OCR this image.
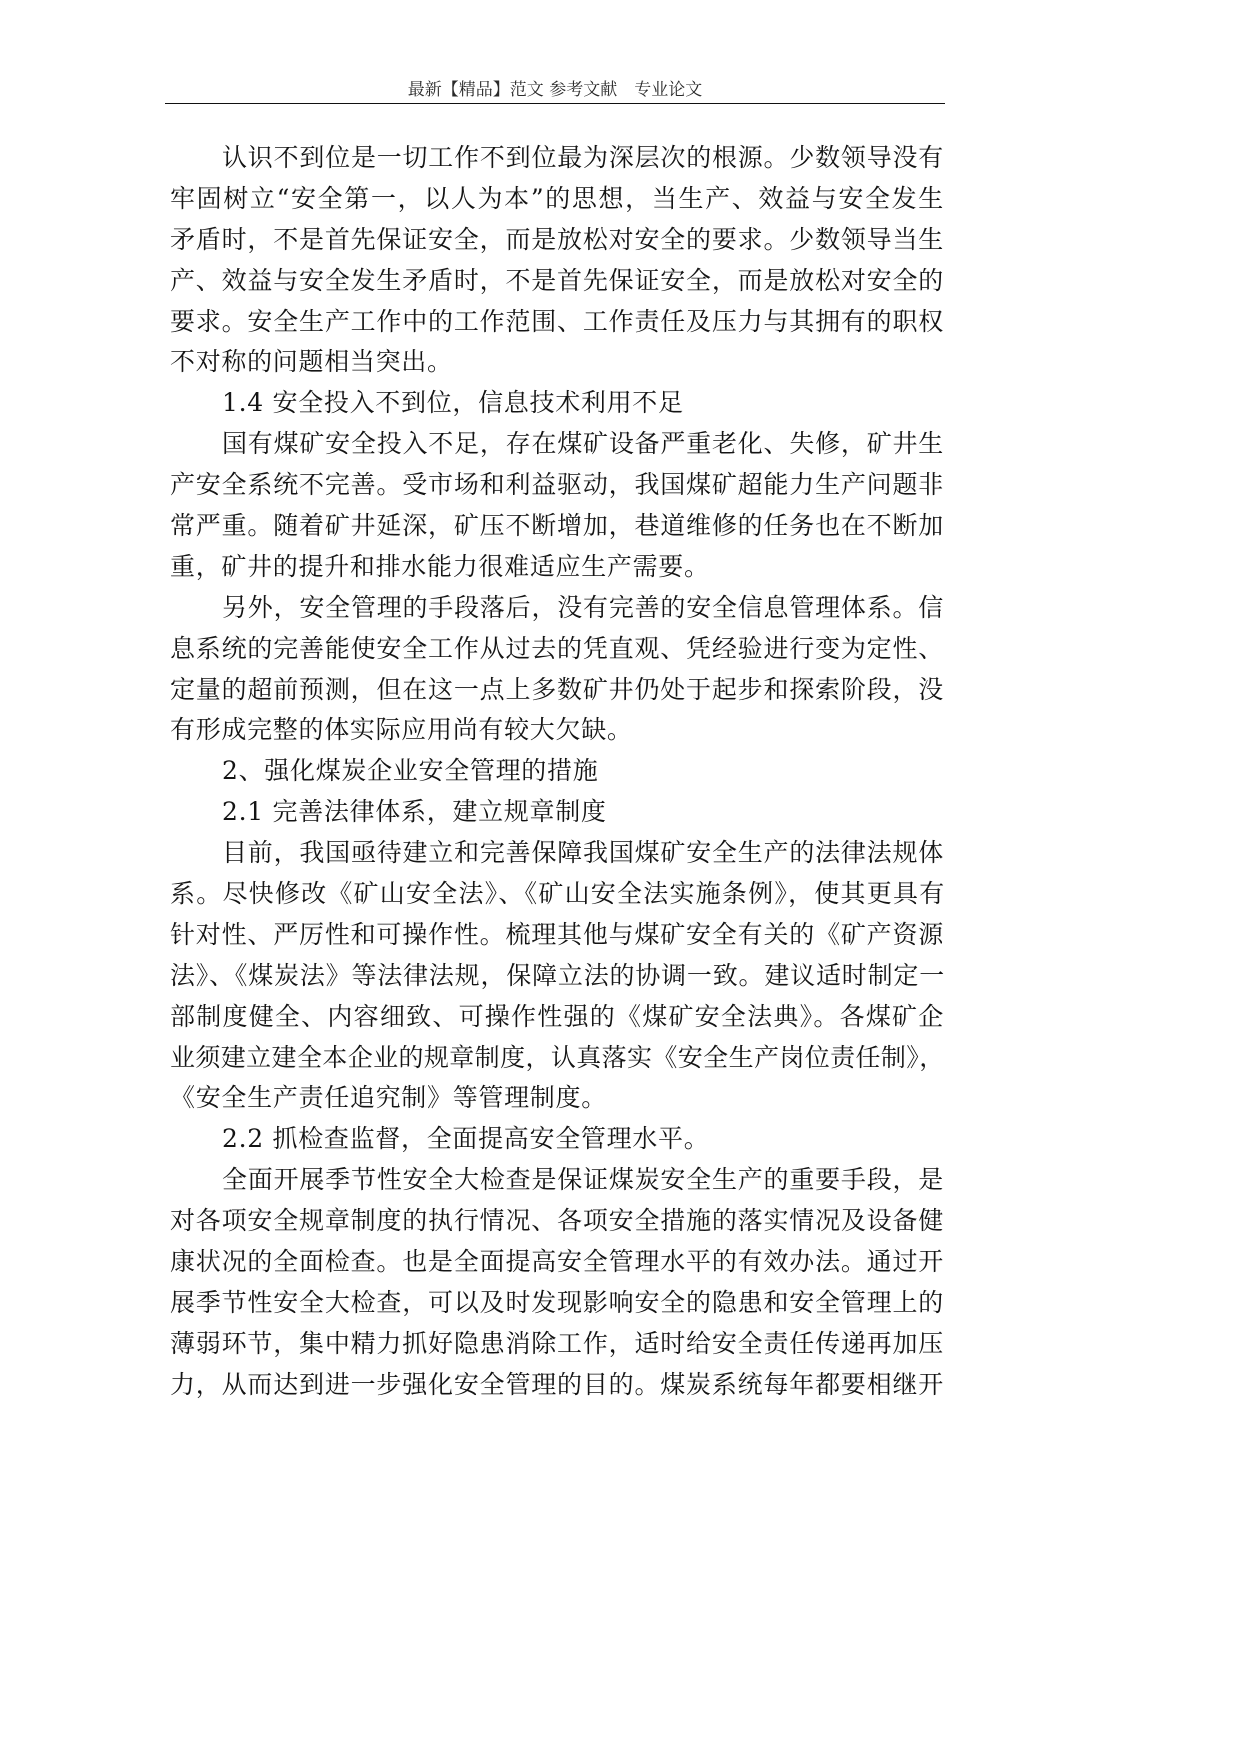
最新【精品】范文 参考文献　专业论文
认识不到位是一切工作不到位最为深层次的根源。少数领导没有
牢固树立“安全第一，以人为本”的思想，当生产、效益与安全发生
矛盾时，不是首先保证安全，而是放松对安全的要求。少数领导当生
产、效益与安全发生矛盾时，不是首先保证安全，而是放松对安全的
要求。安全生产工作中的工作范围、工作责任及压力与其拥有的职权
不对称的问题相当突出。
1.4 安全投入不到位，信息技术利用不足
国有煤矿安全投入不足，存在煤矿设备严重老化、失修，矿井生
产安全系统不完善。受市场和利益驱动，我国煤矿超能力生产问题非
常严重。随着矿井延深，矿压不断增加，巷道维修的任务也在不断加
重，矿井的提升和排水能力很难适应生产需要。
另外，安全管理的手段落后，没有完善的安全信息管理体系。信
息系统的完善能使安全工作从过去的凭直观、凭经验进行变为定性、
定量的超前预测，但在这一点上多数矿井仍处于起步和探索阶段，没
有形成完整的体实际应用尚有较大欠缺。
2、强化煤炭企业安全管理的措施
2.1 完善法律体系，建立规章制度
目前，我国亟待建立和完善保障我国煤矿安全生产的法律法规体
系。尽快修改《矿山安全法》、《矿山安全法实施条例》，使其更具有
针对性、严厉性和可操作性。梳理其他与煤矿安全有关的《矿产资源
法》、《煤炭法》等法律法规，保障立法的协调一致。建议适时制定一
部制度健全、内容细致、可操作性强的《煤矿安全法典》。各煤矿企
业须建立建全本企业的规章制度，认真落实《安全生产岗位责任制》，
《安全生产责任追究制》等管理制度。
2.2 抓检查监督，全面提高安全管理水平。
全面开展季节性安全大检查是保证煤炭安全生产的重要手段，是
对各项安全规章制度的执行情况、各项安全措施的落实情况及设备健
康状况的全面检查。也是全面提高安全管理水平的有效办法。通过开
展季节性安全大检查，可以及时发现影响安全的隐患和安全管理上的
薄弱环节，集中精力抓好隐患消除工作，适时给安全责任传递再加压
力，从而达到进一步强化安全管理的目的。煤炭系统每年都要相继开
